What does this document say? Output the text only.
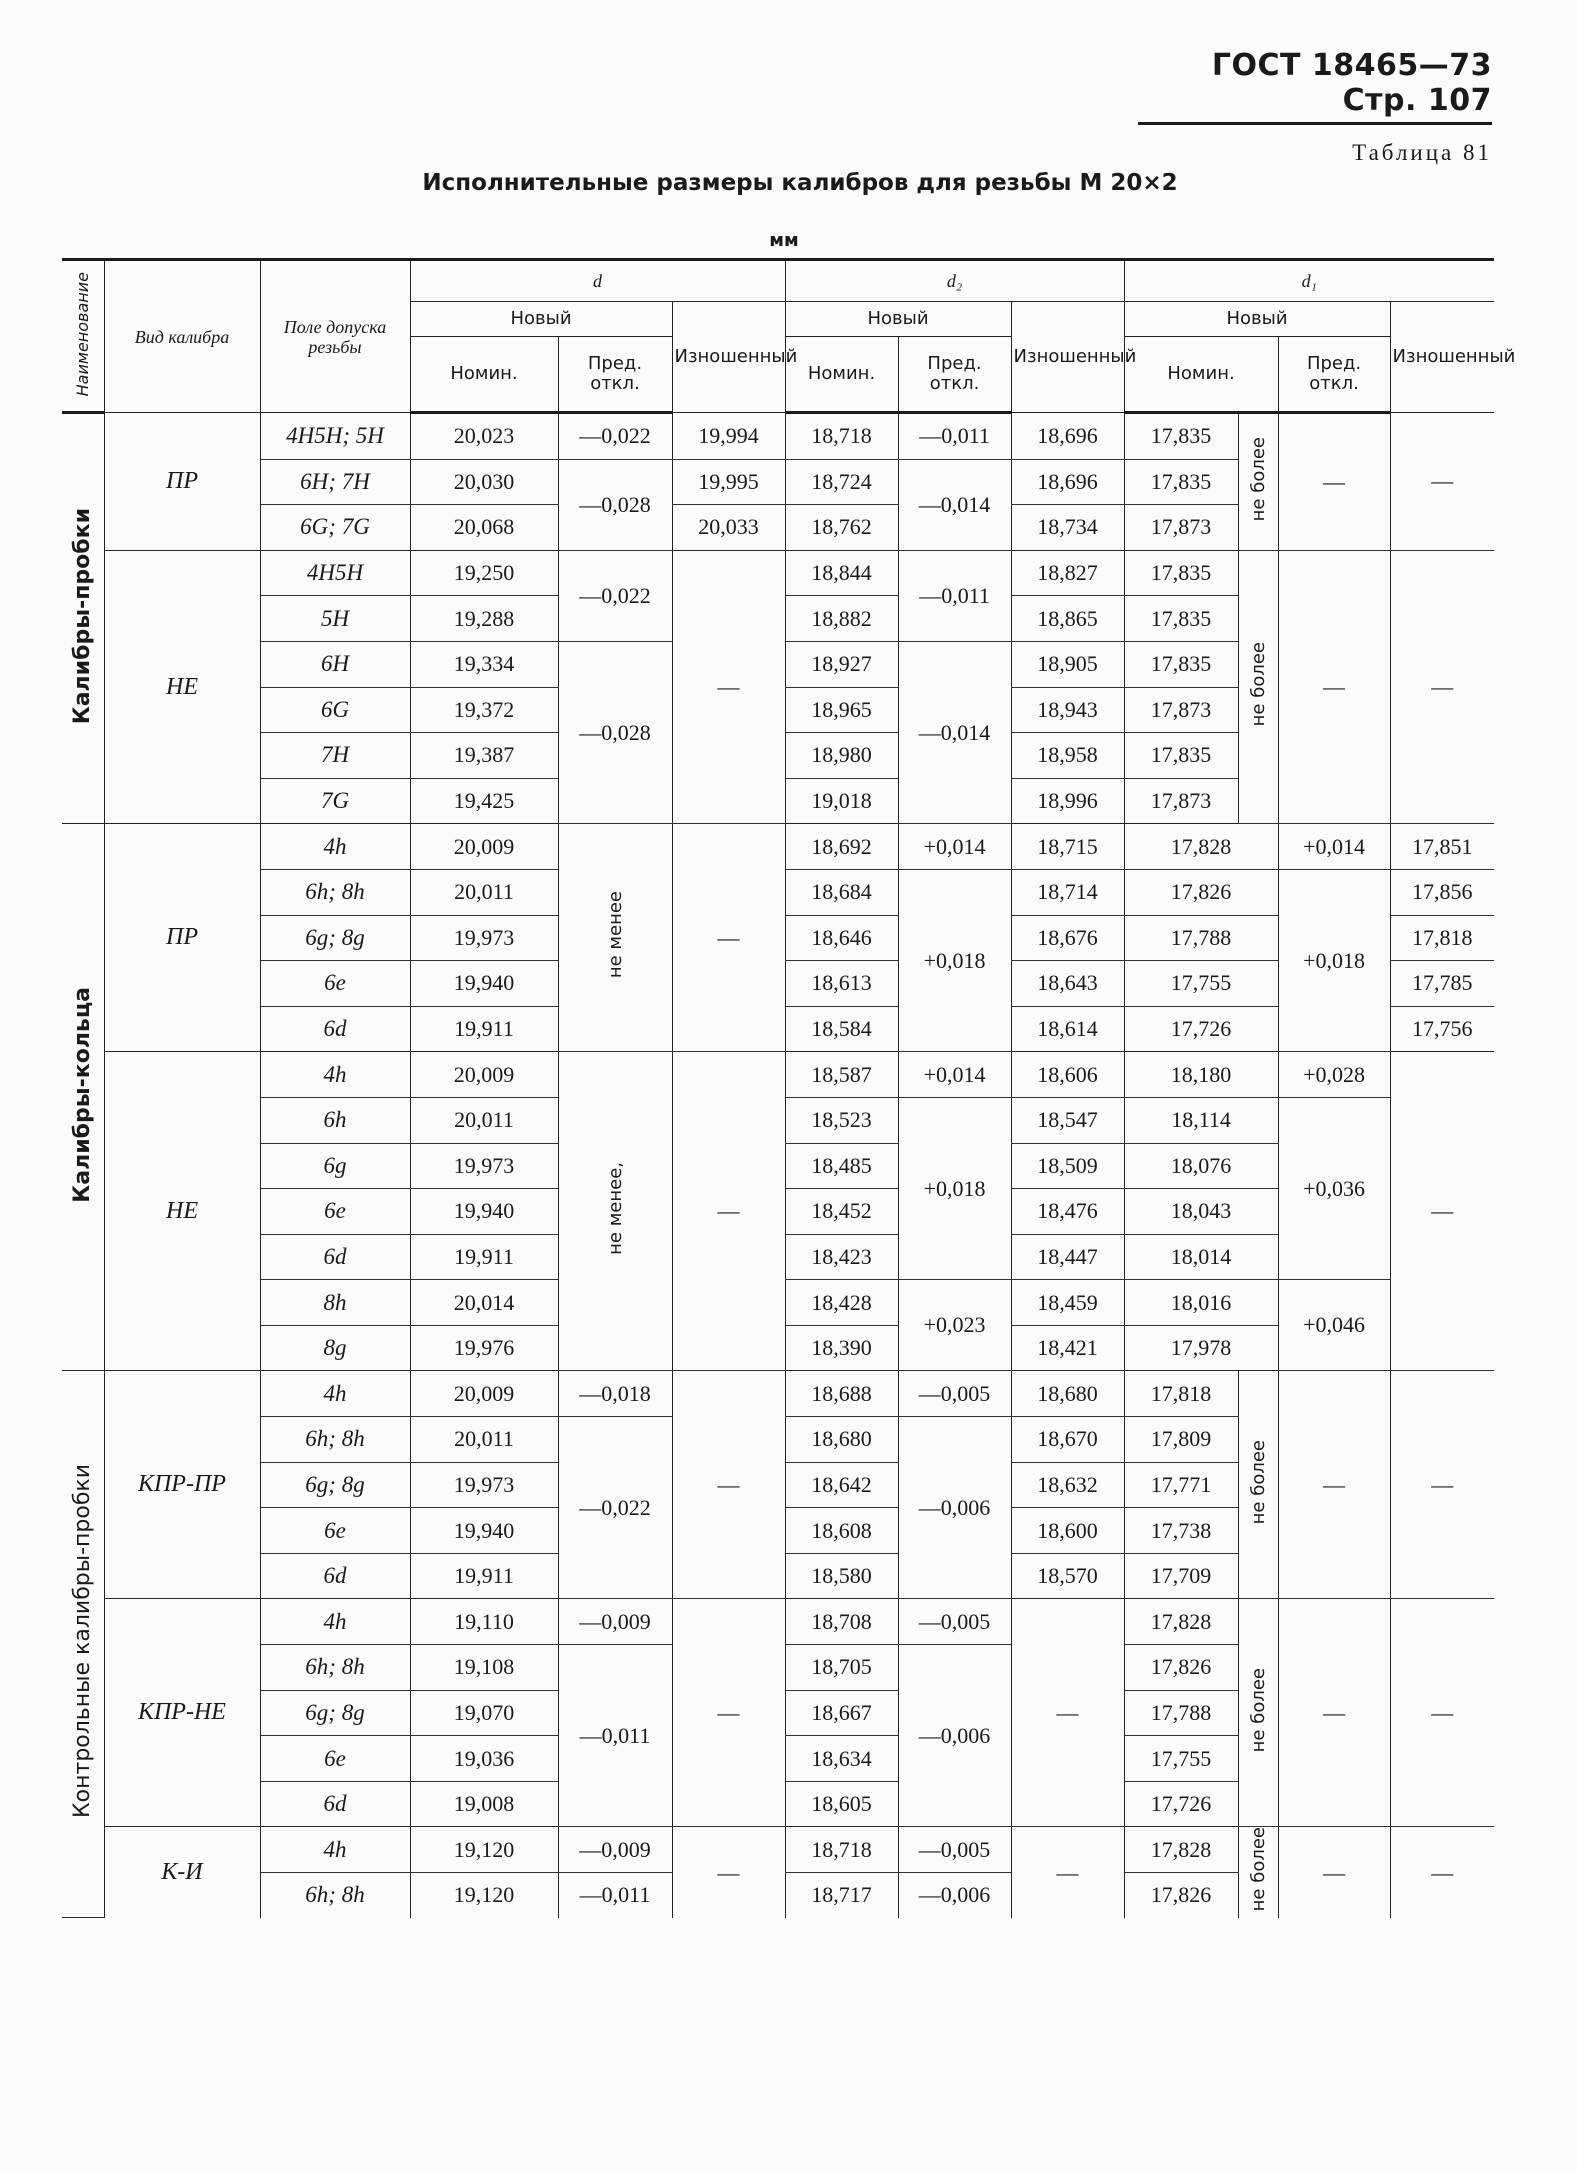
ГОСТ 18465—73 Стр. 107
Таблица 81
Исполнительные размеры калибров для резьбы М 20×2
мм
Наименование	Вид калибра	Поле допуска резьбы	d			d₂			d₁			
			Новый		Изношенный	Новый		Изношенный	Новый			Изношенный
			Номин.	Пред. откл.		Номин.	Пред. откл.		Номин.		Пред. откл.	
Калибры-пробки	ПР	4H5H; 5H	20,023	—0,022	19,994	18,718	—0,011	18,696	17,835	не более	—	—
		6H; 7H	20,030	—0,028	19,995	18,724	—0,014	18,696	17,835			
		6G; 7G	20,068		20,033	18,762		18,734	17,873			
	НЕ	4H5H	19,250	—0,022	—	18,844	—0,011	18,827	17,835	не более	—	—
		5H	19,288			18,882		18,865	17,835			
		6H	19,334	—0,028		18,927	—0,014	18,905	17,835			
		6G	19,372			18,965		18,943	17,873			
		7H	19,387			18,980		18,958	17,835			
		7G	19,425			19,018		18,996	17,873			
Калибры-кольца	ПР	4h	20,009	не менее	—	18,692	+0,014	18,715	17,828		+0,014	17,851
		6h; 8h	20,011			18,684	+0,018	18,714	17,826		+0,018	17,856
		6g; 8g	19,973			18,646		18,676	17,788			17,818
		6e	19,940			18,613		18,643	17,755			17,785
		6d	19,911			18,584		18,614	17,726			17,756
	НЕ	4h	20,009	не менее,	—	18,587	+0,014	18,606	18,180		+0,028	—
		6h	20,011			18,523	+0,018	18,547	18,114		+0,036	
		6g	19,973			18,485		18,509	18,076			
		6e	19,940			18,452		18,476	18,043			
		6d	19,911			18,423		18,447	18,014			
		8h	20,014			18,428	+0,023	18,459	18,016		+0,046	
		8g	19,976			18,390		18,421	17,978			
Контрольные калибры-пробки	КПР-ПР	4h	20,009	—0,018	—	18,688	—0,005	18,680	17,818	не более	—	—
		6h; 8h	20,011	—0,022		18,680	—0,006	18,670	17,809			
		6g; 8g	19,973			18,642		18,632	17,771			
		6e	19,940			18,608		18,600	17,738			
		6d	19,911			18,580		18,570	17,709			
	КПР-НЕ	4h	19,110	—0,009	—	18,708	—0,005	—	17,828	не более	—	—
		6h; 8h	19,108	—0,011		18,705	—0,006		17,826			
		6g; 8g	19,070			18,667			17,788			
		6e	19,036			18,634			17,755			
		6d	19,008			18,605			17,726			
	К-И	4h	19,120	—0,009	—	18,718	—0,005	—	17,828	не более	—	—
		6h; 8h	19,120	—0,011		18,717	—0,006		17,826			
